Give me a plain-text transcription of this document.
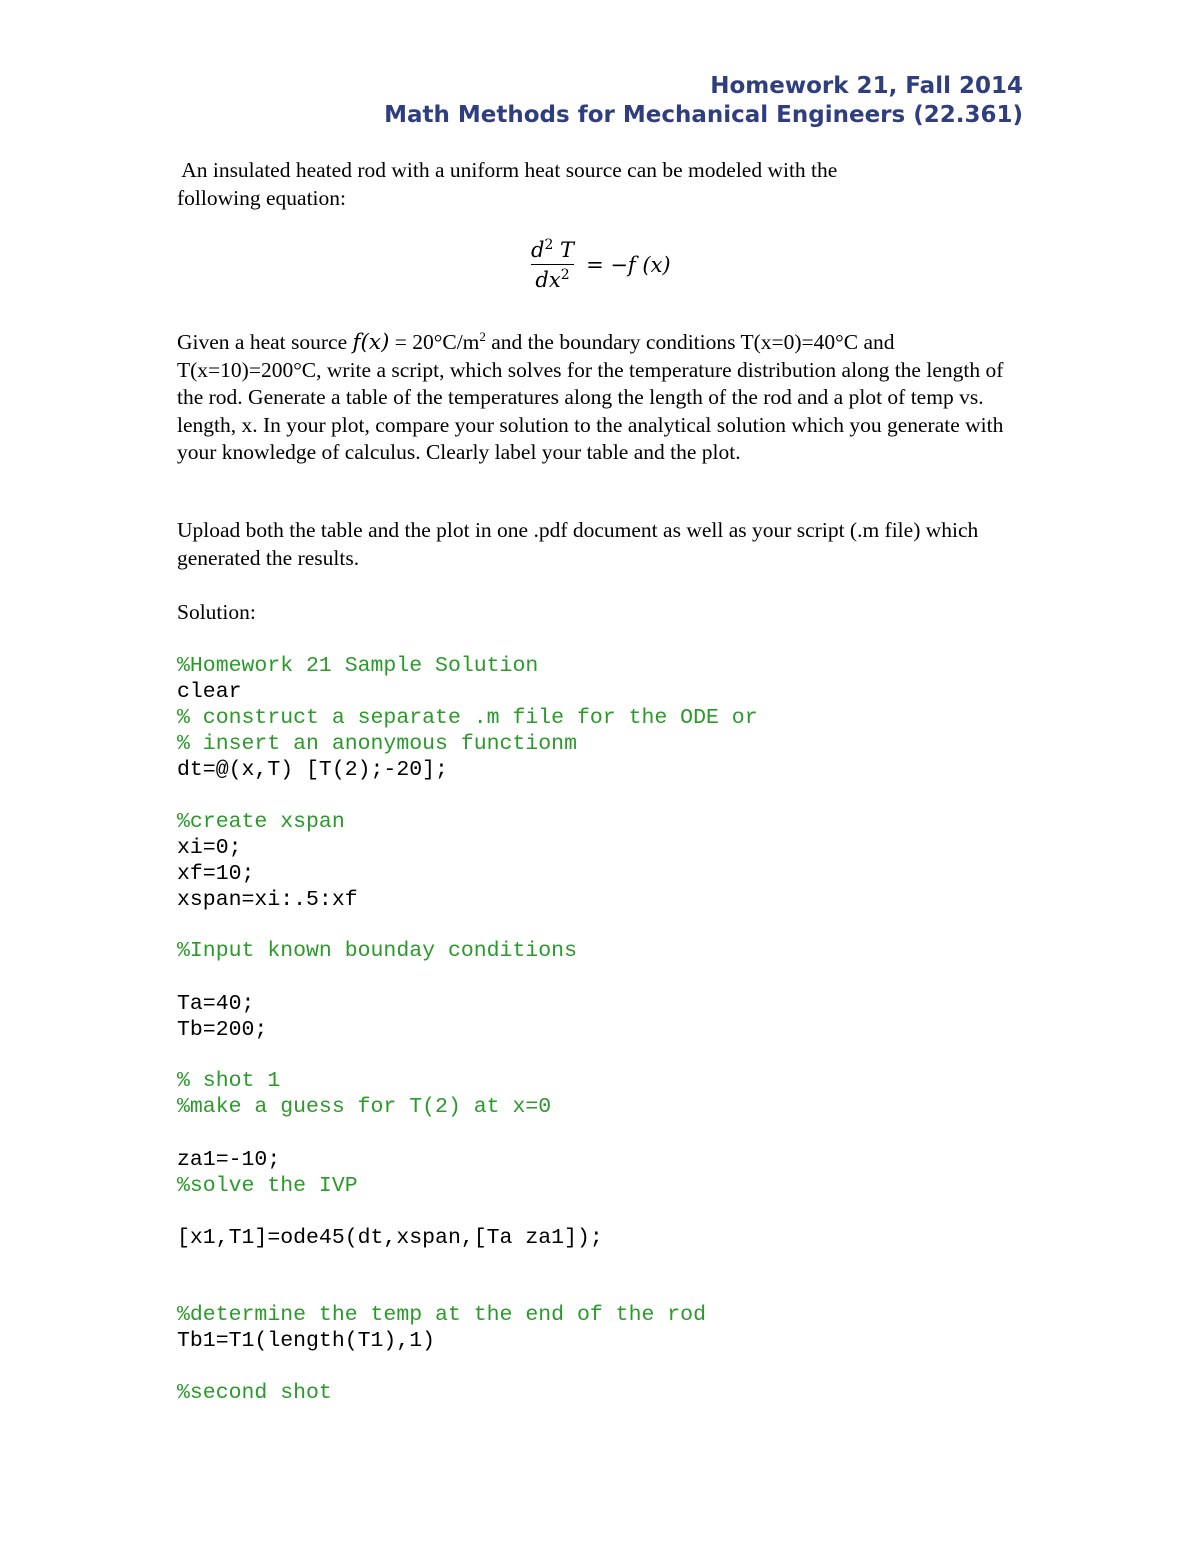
Homework 21, Fall 2014
Math Methods for Mechanical Engineers (22.361)

An insulated heated rod with a uniform heat source can be modeled with the

following equation:

$\frac{d^2 T}{dx^2} = -f$ (x)

Given a heat source $f(x) = 20^\circ C/m^2$ and the boundary conditions T(x=0)=40°C and T(x=10)=200°C, write a script, which solves for the temperature distribution along the length of the rod. Generate a table of the temperatures along the length of the rod and a plot of temp vs. length, x. In your plot, compare your solution to the analytical solution which you generate with your knowledge of calculus. Clearly label your table and the plot.

Upload both the table and the plot in one .pdf document as well as your script (.m file) which generated the results.

Solution:
%Homework 21 Sample Solution
clear
% construct a separate .m file for the ODE or
% insert an anonymous functionm
dt=@(x,T) [T(2);-20];
%create xspan
xi=0;
xf=10;
xspan=xi:.5:xf
%Input known bounday conditions
Ta=40;
Tb=200;
% shot 1
%make a guess for T(2) at x=0
za1=-10;
%solve the IVP
[x1,T1]=ode45(dt,xspan,[Ta za1]);
%determine the temp at the end of the rod
Tb1=T1(length(T1),1)
%second shot
